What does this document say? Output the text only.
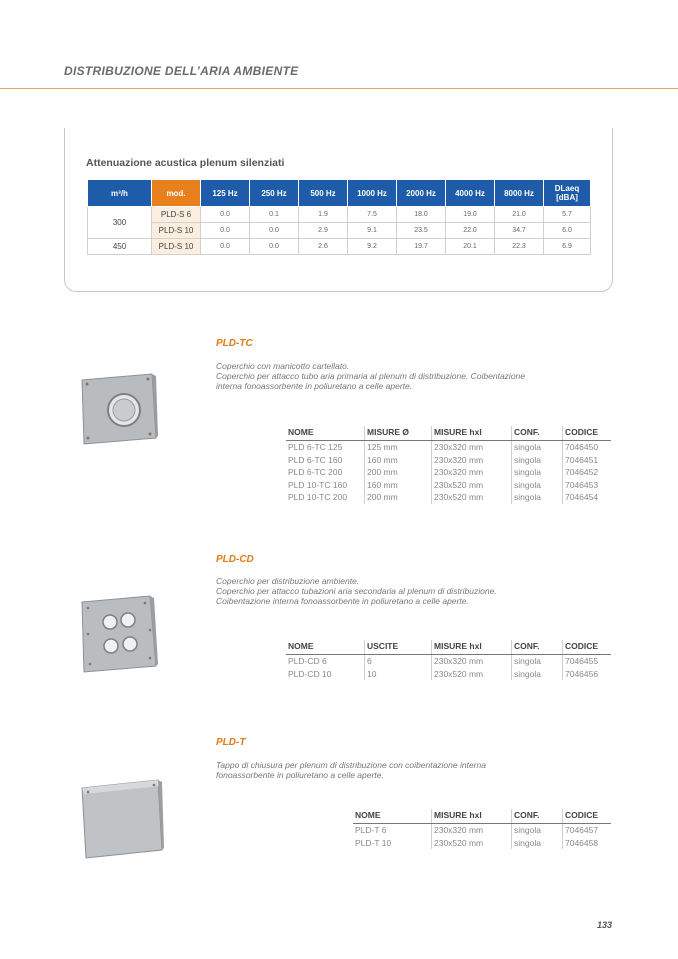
DISTRIBUZIONE DELL’ARIA AMBIENTE
Attenuazione acustica plenum silenziati
m³/h	mod.	125 Hz	250 Hz	500 Hz	1000 Hz	2000 Hz	4000 Hz	8000 Hz	DLaeq
[dBA]
300	PLD-S 6	0.0	0.1	1.9	7.5	18.0	19.0	21.0	5.7
	PLD-S 10	0.0	0.0	2.9	9.1	23.5	22.0	34.7	6.0
450	PLD-S 10	0.0	0.0	2.6	9.2	19.7	20.1	22.3	6.9
PLD-TC
Coperchio con manicotto cartellato.
Coperchio per attacco tubo aria primaria al plenum di distribuzione. Coibentazione
interna fonoassorbente in poliuretano a celle aperte.
NOME	MISURE Ø	MISURE hxl	CONF.	CODICE
PLD 6-TC 125	125 mm	230x320 mm	singola	7046450
PLD 6-TC 160	160 mm	230x320 mm	singola	7046451
PLD 6-TC 200	200 mm	230x320 mm	singola	7046452
PLD 10-TC 160	160 mm	230x520 mm	singola	7046453
PLD 10-TC 200	200 mm	230x520 mm	singola	7046454
PLD-CD
Coperchio per distribuzione ambiente.
Coperchio per attacco tubazioni aria secondaria al plenum di distribuzione.
Coibentazione interna fonoassorbente in poliuretano a celle aperte.
NOME	USCITE	MISURE hxl	CONF.	CODICE
PLD-CD 6	6	230x320 mm	singola	7046455
PLD-CD 10	10	230x520 mm	singola	7046456
PLD-T
Tappo di chiusura per plenum di distribuzione con coibentazione interna
fonoassorbente in poliuretano a celle aperte.
NOME	MISURE hxl	CONF.	CODICE
PLD-T 6	230x320 mm	singola	7046457
PLD-T 10	230x520 mm	singola	7046458
133
